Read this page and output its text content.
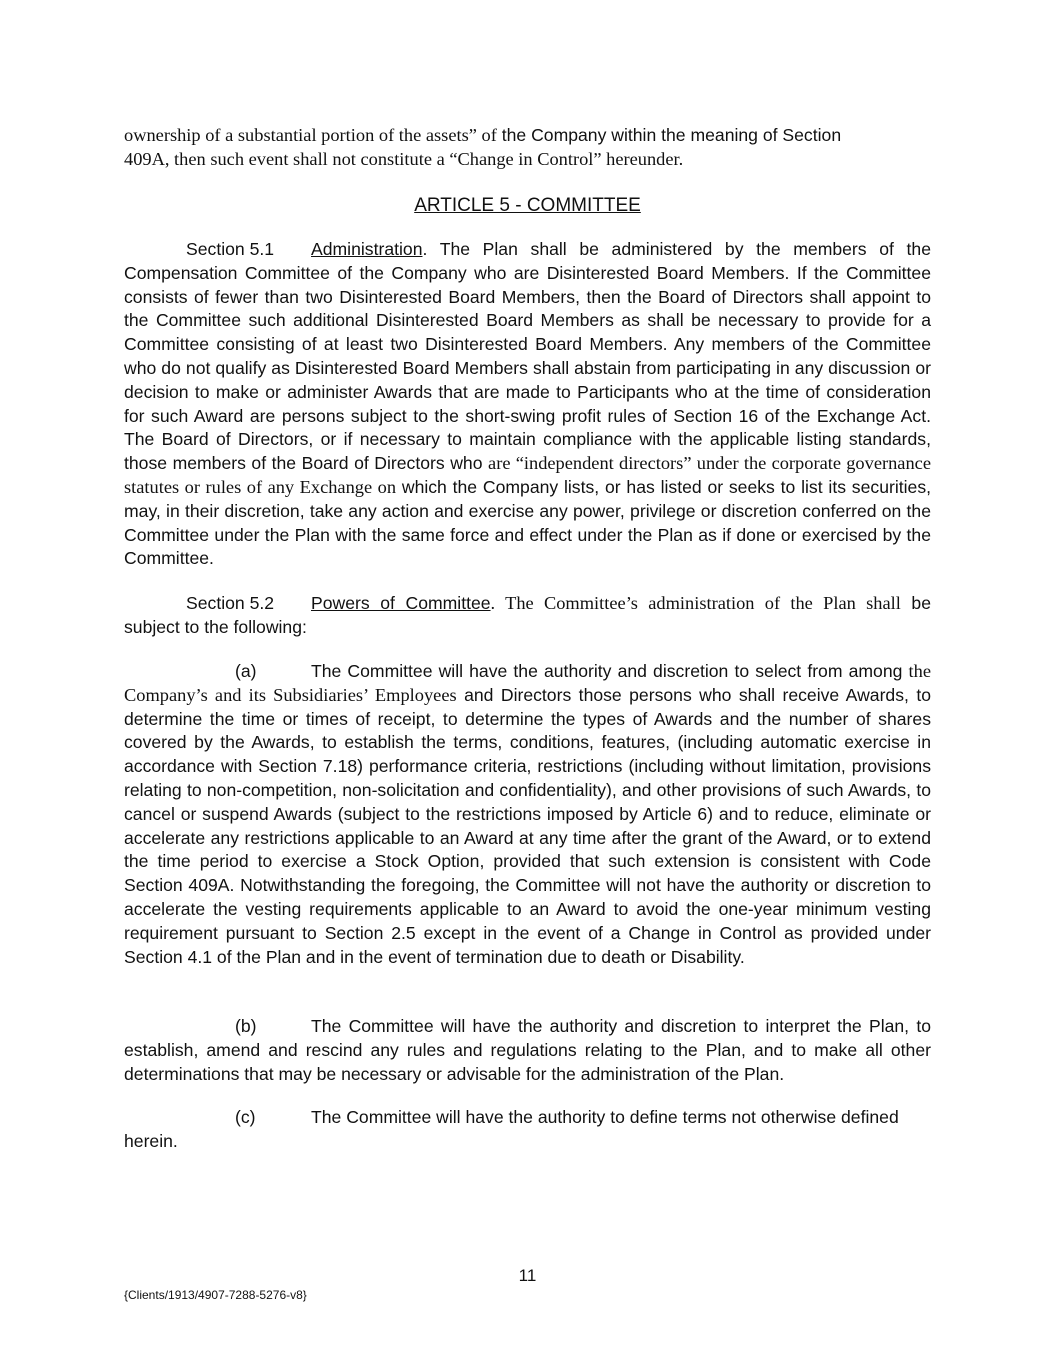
ownership of a substantial portion of the assets” of the Company within the meaning of Section
409A, then such event shall not constitute a “Change in Control” hereunder.

ARTICLE 5 - COMMITTEE

Section 5.1 Administration. The Plan shall be administered by the members of the Compensation Committee of the Company who are Disinterested Board Members. If the Committee consists of fewer than two Disinterested Board Members, then the Board of Directors shall appoint to the Committee such additional Disinterested Board Members as shall be necessary to provide for a Committee consisting of at least two Disinterested Board Members. Any members of the Committee who do not qualify as Disinterested Board Members shall abstain from participating in any discussion or decision to make or administer Awards that are made to Participants who at the time of consideration for such Award are persons subject to the short-swing profit rules of Section 16 of the Exchange Act. The Board of Directors, or if necessary to maintain compliance with the applicable listing standards, those members of the Board of Directors who are “independent directors” under the corporate governance statutes or rules of any Exchange on which the Company lists, or has listed or seeks to list its securities, may, in their discretion, take any action and exercise any power, privilege or discretion conferred on the Committee under the Plan with the same force and effect under the Plan as if done or exercised by the Committee.

Section 5.2 Powers of Committee. The Committee’s administration of the Plan shall be subject to the following:

(a)	The Committee will have the authority and discretion to select from among the Company’s and its Subsidiaries’ Employees and Directors those persons who shall receive Awards, to determine the time or times of receipt, to determine the types of Awards and the number of shares covered by the Awards, to establish the terms, conditions, features, (including automatic exercise in accordance with Section 7.18) performance criteria, restrictions (including without limitation, provisions relating to non-competition, non-solicitation and confidentiality), and other provisions of such Awards, to cancel or suspend Awards (subject to the restrictions imposed by Article 6) and to reduce, eliminate or accelerate any restrictions applicable to an Award at any time after the grant of the Award, or to extend the time period to exercise a Stock Option, provided that such extension is consistent with Code Section 409A. Notwithstanding the foregoing, the Committee will not have the authority or discretion to accelerate the vesting requirements applicable to an Award to avoid the one-year minimum vesting requirement pursuant to Section 2.5 except in the event of a Change in Control as provided under Section 4.1 of the Plan and in the event of termination due to death or Disability.

(b)	The Committee will have the authority and discretion to interpret the Plan, to establish, amend and rescind any rules and regulations relating to the Plan, and to make all other determinations that may be necessary or advisable for the administration of the Plan.

(c)	The Committee will have the authority to define terms not otherwise defined
herein.

11
{Clients/1913/4907-7288-5276-v8}
